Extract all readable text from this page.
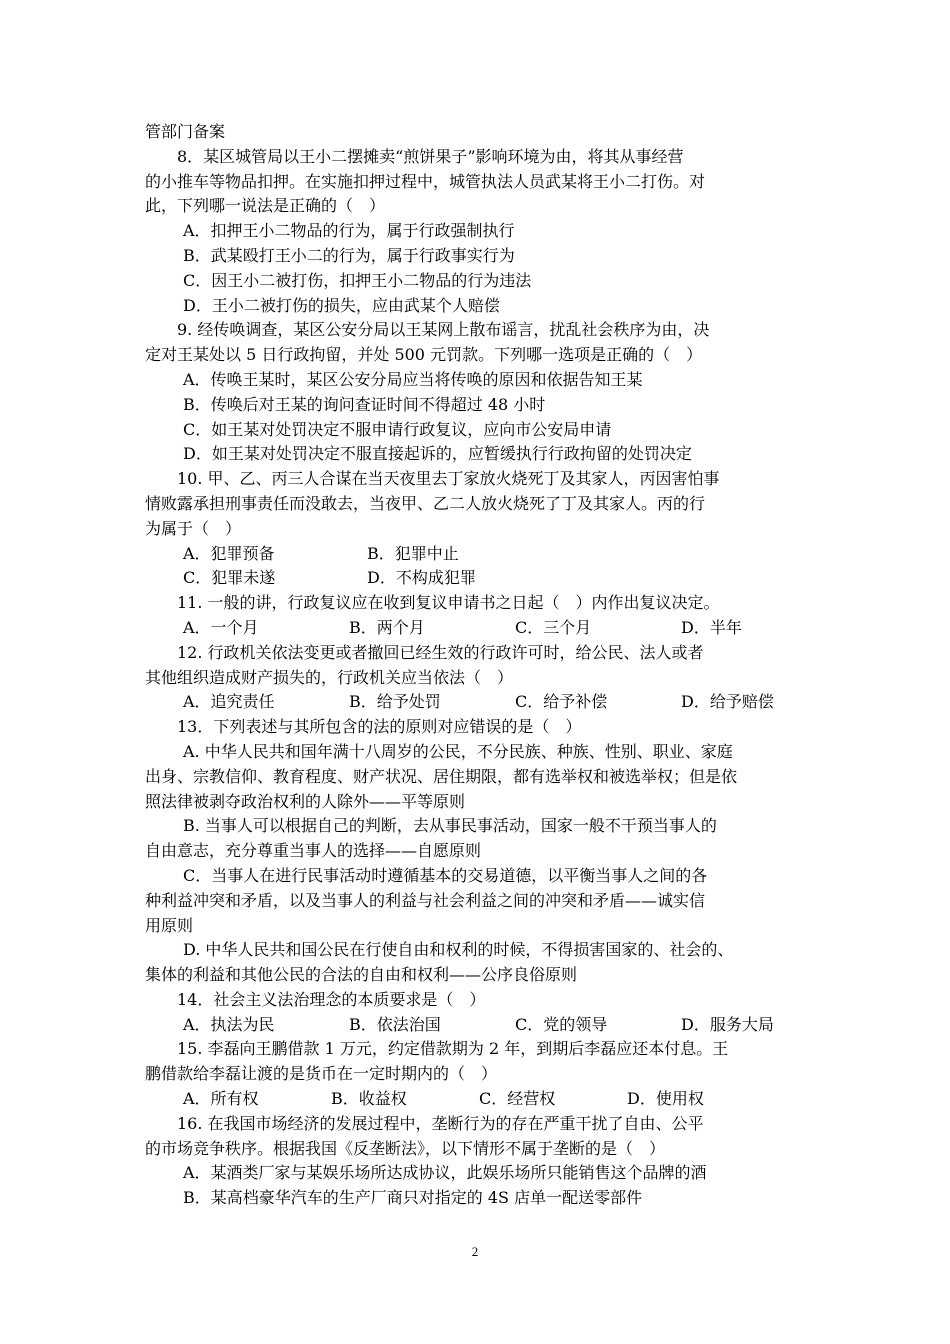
管部门备案
8．某区城管局以王小二摆摊卖“煎饼果子”影响环境为由，将其从事经营
的小推车等物品扣押。在实施扣押过程中，城管执法人员武某将王小二打伤。对
此，下列哪一说法是正确的（　）
A．扣押王小二物品的行为，属于行政强制执行
B．武某殴打王小二的行为，属于行政事实行为
C．因王小二被打伤，扣押王小二物品的行为违法
D．王小二被打伤的损失，应由武某个人赔偿
9. 经传唤调查，某区公安分局以王某网上散布谣言，扰乱社会秩序为由，决
定对王某处以 5 日行政拘留，并处 500 元罚款。下列哪一选项是正确的（　）
A．传唤王某时，某区公安分局应当将传唤的原因和依据告知王某
B．传唤后对王某的询问查证时间不得超过 48 小时
C．如王某对处罚决定不服申请行政复议，应向市公安局申请
D．如王某对处罚决定不服直接起诉的，应暂缓执行行政拘留的处罚决定
10. 甲、乙、丙三人合谋在当天夜里去丁家放火烧死丁及其家人，丙因害怕事
情败露承担刑事责任而没敢去，当夜甲、乙二人放火烧死了丁及其家人。丙的行
为属于（　）
A．犯罪预备	B．犯罪中止
C．犯罪未遂	D．不构成犯罪
11. 一般的讲，行政复议应在收到复议申请书之日起（　）内作出复议决定。
A．一个月	B．两个月	C．三个月	D．半年
12. 行政机关依法变更或者撤回已经生效的行政许可时，给公民、法人或者
其他组织造成财产损失的，行政机关应当依法（　）
A．追究责任	B．给予处罚	C．给予补偿	D．给予赔偿
13．下列表述与其所包含的法的原则对应错误的是（　）
A. 中华人民共和国年满十八周岁的公民，不分民族、种族、性别、职业、家庭
出身、宗教信仰、教育程度、财产状况、居住期限，都有选举权和被选举权；但是依
照法律被剥夺政治权利的人除外——平等原则
B. 当事人可以根据自己的判断，去从事民事活动，国家一般不干预当事人的
自由意志，充分尊重当事人的选择——自愿原则
C．当事人在进行民事活动时遵循基本的交易道德，以平衡当事人之间的各
种利益冲突和矛盾，以及当事人的利益与社会利益之间的冲突和矛盾——诚实信
用原则
D. 中华人民共和国公民在行使自由和权利的时候，不得损害国家的、社会的、
集体的利益和其他公民的合法的自由和权利——公序良俗原则
14．社会主义法治理念的本质要求是（　）
A．执法为民	B．依法治国	C．党的领导	D．服务大局
15. 李磊向王鹏借款 1 万元，约定借款期为 2 年，到期后李磊应还本付息。王
鹏借款给李磊让渡的是货币在一定时期内的（　）
A．所有权	B．收益权	C．经营权	D．使用权
16. 在我国市场经济的发展过程中，垄断行为的存在严重干扰了自由、公平
的市场竞争秩序。根据我国《反垄断法》，以下情形不属于垄断的是（　）
A．某酒类厂家与某娱乐场所达成协议，此娱乐场所只能销售这个品牌的酒
B．某高档豪华汽车的生产厂商只对指定的 4S 店单一配送零部件
2
